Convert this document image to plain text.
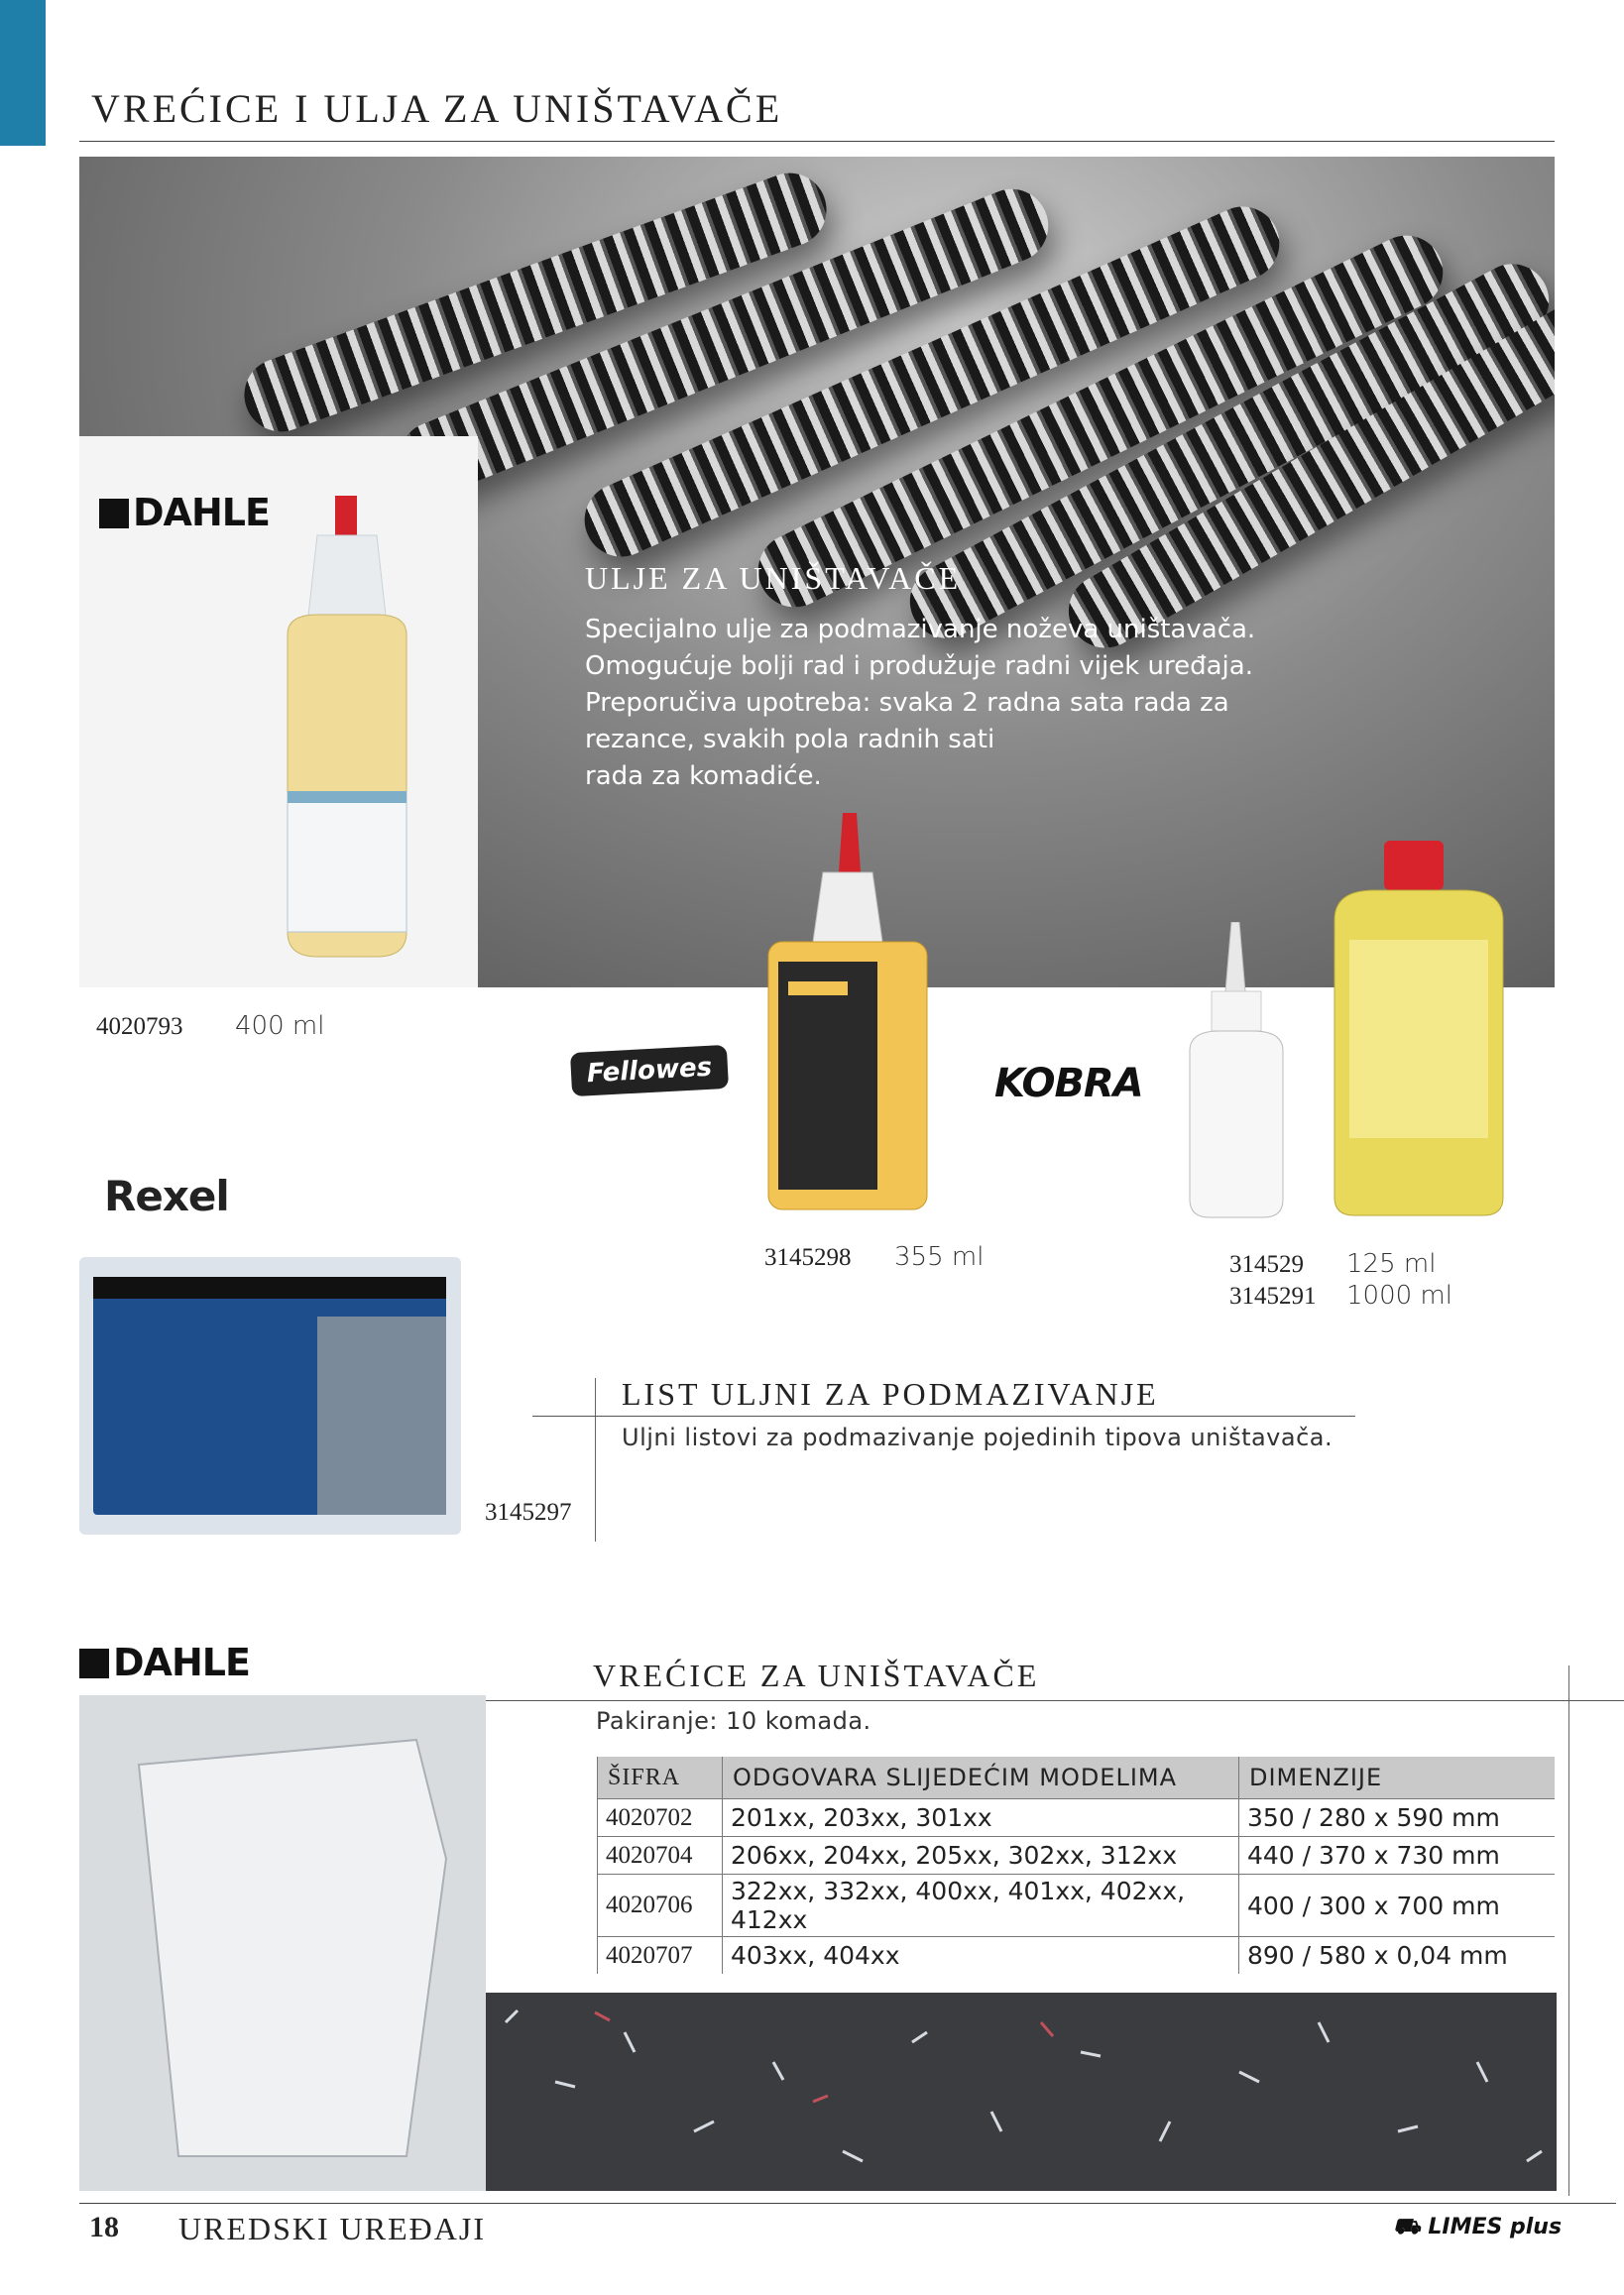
VREĆICE I ULJA ZA UNIŠTAVAČE
ULJE ZA UNIŠTAVAČE
Specijalno ulje za podmazivanje noževa uništavača.
Omogućuje bolji rad i produžuje radni vijek uređaja.
Preporučiva upotreba: svaka 2 radna sata rada za
rezance, svakih pola radnih sati
rada za komadiće.
DAHLE
4020793 400 ml
Fellowes
3145298 355 ml
KOBRA
314529 125 ml
3145291 1000 ml
Rexel
3145297
LIST ULJNI ZA PODMAZIVANJE
Uljni listovi za podmazivanje pojedinih tipova uništavača.
DAHLE	VREĆICE ZA UNIŠTAVAČE
Pakiranje: 10 komada.
ŠIFRA	ODGOVARA SLIJEDEĆIM MODELIMA	DIMENZIJE
4020702	201xx, 203xx, 301xx	350 / 280 x 590 mm
4020704	206xx, 204xx, 205xx, 302xx, 312xx	440 / 370 x 730 mm
4020706	322xx, 332xx, 400xx, 401xx, 402xx, 412xx	400 / 300 x 700 mm
4020707	403xx, 404xx	890 / 580 x 0,04 mm
18 UREDSKI UREĐAJI	⛟ LIMES plus
